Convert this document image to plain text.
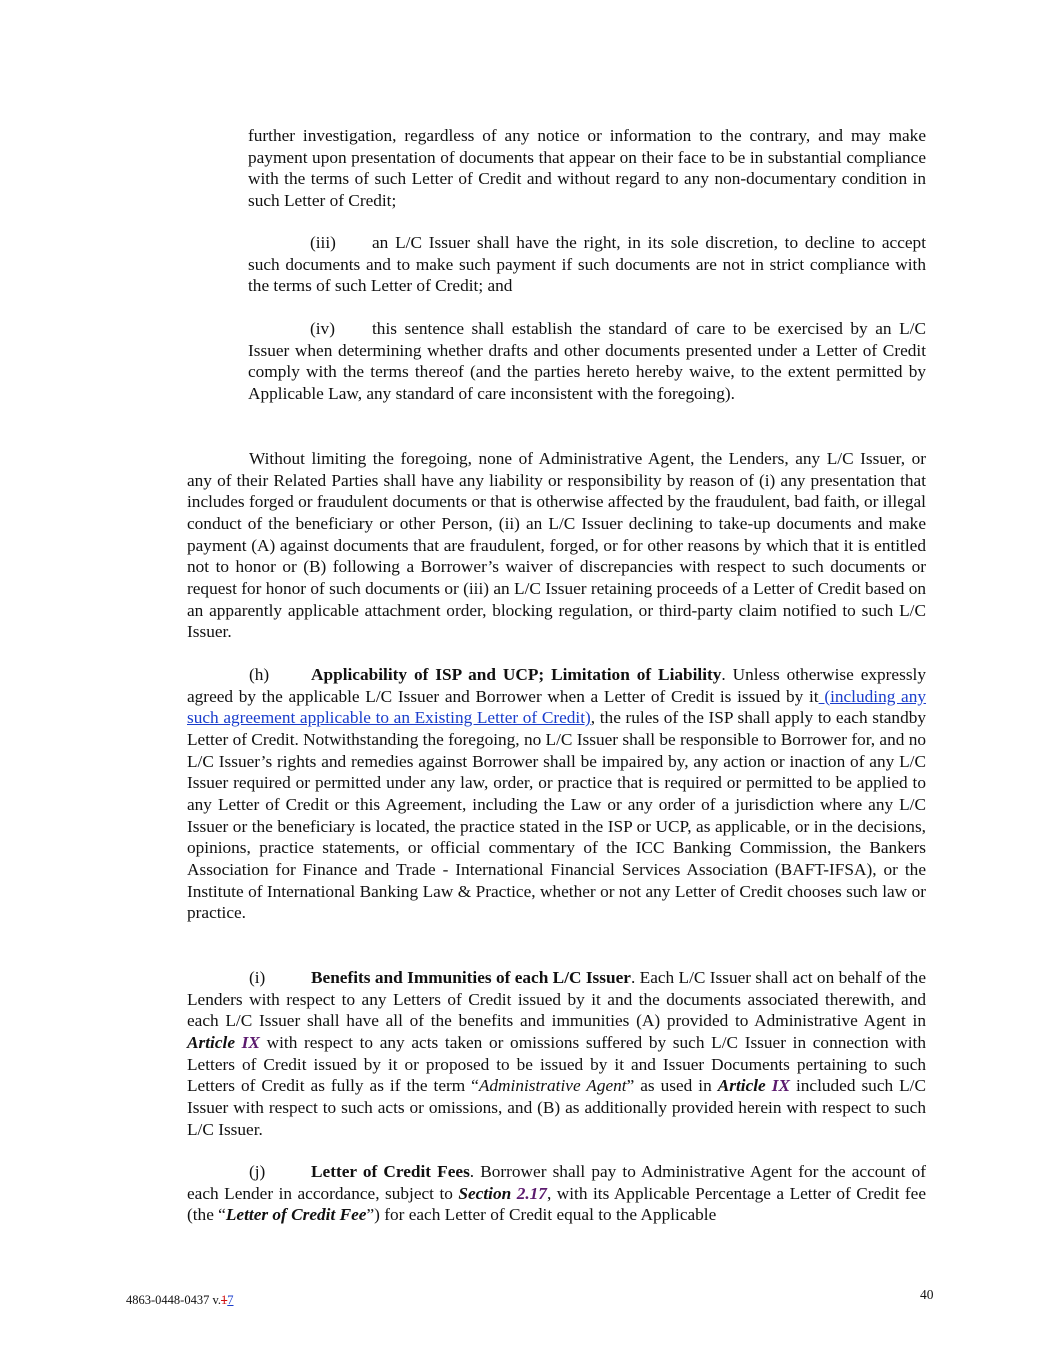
further investigation, regardless of any notice or information to the contrary, and may make payment upon presentation of documents that appear on their face to be in substantial compliance with the terms of such Letter of Credit and without regard to any non-documentary condition in such Letter of Credit;

(iii) an L/C Issuer shall have the right, in its sole discretion, to decline to accept such documents and to make such payment if such documents are not in strict compliance with the terms of such Letter of Credit; and

(iv) this sentence shall establish the standard of care to be exercised by an L/C Issuer when determining whether drafts and other documents presented under a Letter of Credit comply with the terms thereof (and the parties hereto hereby waive, to the extent permitted by Applicable Law, any standard of care inconsistent with the foregoing).

Without limiting the foregoing, none of Administrative Agent, the Lenders, any L/C Issuer, or any of their Related Parties shall have any liability or responsibility by reason of (i) any presentation that includes forged or fraudulent documents or that is otherwise affected by the fraudulent, bad faith, or illegal conduct of the beneficiary or other Person, (ii) an L/C Issuer declining to take-up documents and make payment (A) against documents that are fraudulent, forged, or for other reasons by which that it is entitled not to honor or (B) following a Borrower’s waiver of discrepancies with respect to such documents or request for honor of such documents or (iii) an L/C Issuer retaining proceeds of a Letter of Credit based on an apparently applicable attachment order, blocking regulation, or third-party claim notified to such L/C Issuer.

(h) Applicability of ISP and UCP; Limitation of Liability. Unless otherwise expressly agreed by the applicable L/C Issuer and Borrower when a Letter of Credit is issued by it (including any such agreement applicable to an Existing Letter of Credit), the rules of the ISP shall apply to each standby Letter of Credit. Notwithstanding the foregoing, no L/C Issuer shall be responsible to Borrower for, and no L/C Issuer’s rights and remedies against Borrower shall be impaired by, any action or inaction of any L/C Issuer required or permitted under any law, order, or practice that is required or permitted to be applied to any Letter of Credit or this Agreement, including the Law or any order of a jurisdiction where any L/C Issuer or the beneficiary is located, the practice stated in the ISP or UCP, as applicable, or in the decisions, opinions, practice statements, or official commentary of the ICC Banking Commission, the Bankers Association for Finance and Trade - International Financial Services Association (BAFT-IFSA), or the Institute of International Banking Law & Practice, whether or not any Letter of Credit chooses such law or practice.

(i)	Benefits and Immunities of each L/C Issuer. Each L/C Issuer shall act on behalf of the Lenders with respect to any Letters of Credit issued by it and the documents associated therewith, and each L/C Issuer shall have all of the benefits and immunities (A) provided to Administrative Agent in Article IX with respect to any acts taken or omissions suffered by such L/C Issuer in connection with Letters of Credit issued by it or proposed to be issued by it and Issuer Documents pertaining to such Letters of Credit as fully as if the term “Administrative Agent” as used in Article IX included such L/C Issuer with respect to such acts or omissions, and (B) as additionally provided herein with respect to such L/C Issuer.

(j)	Letter of Credit Fees. Borrower shall pay to Administrative Agent for the account of each Lender in accordance, subject to Section 2.17, with its Applicable Percentage a Letter of Credit fee (the “Letter of Credit Fee”) for each Letter of Credit equal to the Applicable

4863-0448-0437 v.17	40
